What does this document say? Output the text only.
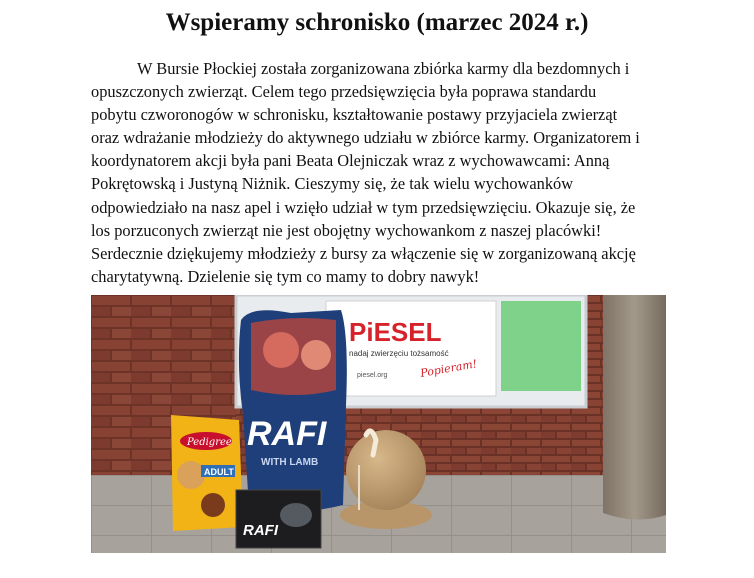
Wspieramy schronisko (marzec 2024 r.)
W Bursie Płockiej została zorganizowana zbiórka karmy dla bezdomnych i
opuszczonych zwierząt. Celem tego przedsięwzięcia była poprawa standardu
pobytu czworonogów w schronisku, kształtowanie postawy przyjaciela zwierząt
oraz wdrażanie młodzieży do aktywnego udziału w zbiórce karmy. Organizatorem i
koordynatorem akcji była pani Beata Olejniczak wraz z wychowawcami: Anną
Pokrętowską i Justyną Niżnik. Cieszymy się, że tak wielu wychowanków
odpowiedziało na nasz apel i wzięło udział w tym przedsięwzięciu. Okazuje się, że
los porzuconych zwierząt nie jest obojętny wychowankom z naszej placówki!
Serdecznie dziękujemy młodzieży z bursy za włączenie się w zorganizowaną akcję
charytatywną. Dzielenie się tym co mamy to dobry nawyk!
PiESEL
nadaj zwierzęciu tożsamość
piesel.org	Popieram!
RAFI
WITH LAMB
Pedigree
ADULT
RAFI
